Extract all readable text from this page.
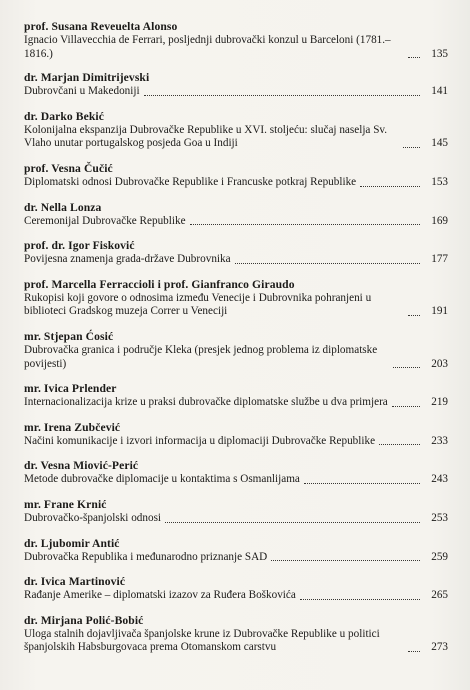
prof. Susana Reveuelta Alonso
Ignacio Villavecchia de Ferrari, posljednji dubrovački konzul u Barceloni (1781.–1816.)	135
dr. Marjan Dimitrijevski
Dubrovčani u Makedoniji	141
dr. Darko Bekić
Kolonijalna ekspanzija Dubrovačke Republike u XVI. stoljeću: slučaj naselja Sv. Vlaho unutar portugalskog posjeda Goa u Indiji	145
prof. Vesna Čučić
Diplomatski odnosi Dubrovačke Republike i Francuske potkraj Republike	153
dr. Nella Lonza
Ceremonijal Dubrovačke Republike	169
prof. dr. Igor Fisković
Povijesna znamenja grada-države Dubrovnika	177
prof. Marcella Ferraccioli i prof. Gianfranco Giraudo
Rukopisi koji govore o odnosima između Venecije i Dubrovnika pohranjeni u biblioteci Gradskog muzeja Correr u Veneciji	191
mr. Stjepan Ćosić
Dubrovačka granica i područje Kleka (presjek jednog problema iz diplomatske povijesti)	203
mr. Ivica Prlender
Internacionalizacija krize u praksi dubrovačke diplomatske službe u dva primjera	219
mr. Irena Zubčević
Načini komunikacije i izvori informacija u diplomaciji Dubrovačke Republike	233
dr. Vesna Miović-Perić
Metode dubrovačke diplomacije u kontaktima s Osmanlijama	243
mr. Frane Krnić
Dubrovačko-španjolski odnosi	253
dr. Ljubomir Antić
Dubrovačka Republika i međunarodno priznanje SAD	259
dr. Ivica Martinović
Rađanje Amerike – diplomatski izazov za Ruđera Boškovića	265
dr. Mirjana Polić-Bobić
Uloga stalnih dojavljivača španjolske krune iz Dubrovačke Republike u politici španjolskih Habsburgovaca prema Otomanskom carstvu	273
